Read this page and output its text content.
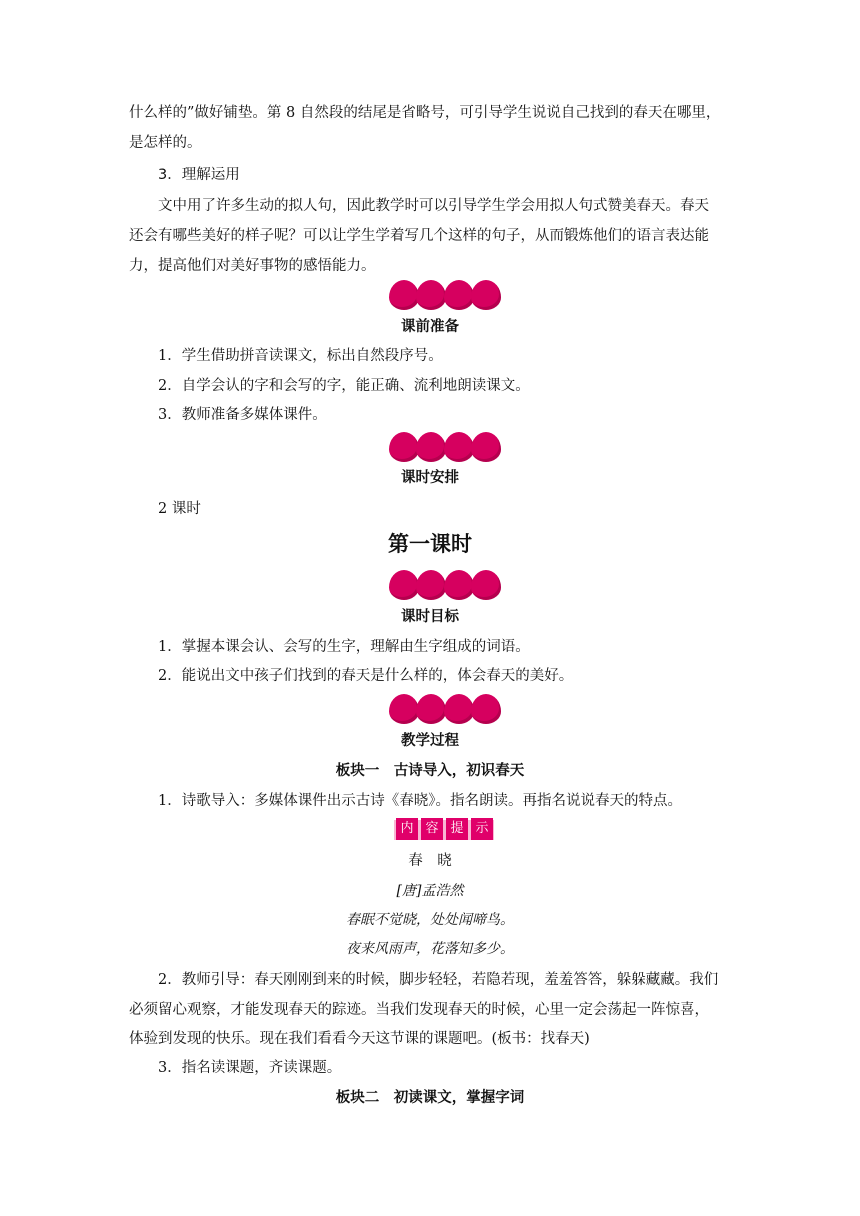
什么样的”做好铺垫。第 8 自然段的结尾是省略号，可引导学生说说自己找到的春天在哪里，
是怎样的。
3．理解运用
文中用了许多生动的拟人句，因此教学时可以引导学生学会用拟人句式赞美春天。春天
还会有哪些美好的样子呢？可以让学生学着写几个这样的句子，从而锻炼他们的语言表达能
力，提高他们对美好事物的感悟能力。
课前准备
1．学生借助拼音读课文，标出自然段序号。
2．自学会认的字和会写的字，能正确、流利地朗读课文。
3．教师准备多媒体课件。
课时安排
2 课时
第一课时
课时目标
1．掌握本课会认、会写的生字，理解由生字组成的词语。
2．能说出文中孩子们找到的春天是什么样的，体会春天的美好。
教学过程
板块一　古诗导入，初识春天
1．诗歌导入：多媒体课件出示古诗《春晓》。指名朗读。再指名说说春天的特点。
内 容 提 示
春　晓
[唐]孟浩然
春眠不觉晓，处处闻啼鸟。
夜来风雨声，花落知多少。
2．教师引导：春天刚刚到来的时候，脚步轻轻，若隐若现，羞羞答答，躲躲藏藏。我们
必须留心观察，才能发现春天的踪迹。当我们发现春天的时候，心里一定会荡起一阵惊喜，
体验到发现的快乐。现在我们看看今天这节课的课题吧。(板书：找春天)
3．指名读课题，齐读课题。
板块二　初读课文，掌握字词
